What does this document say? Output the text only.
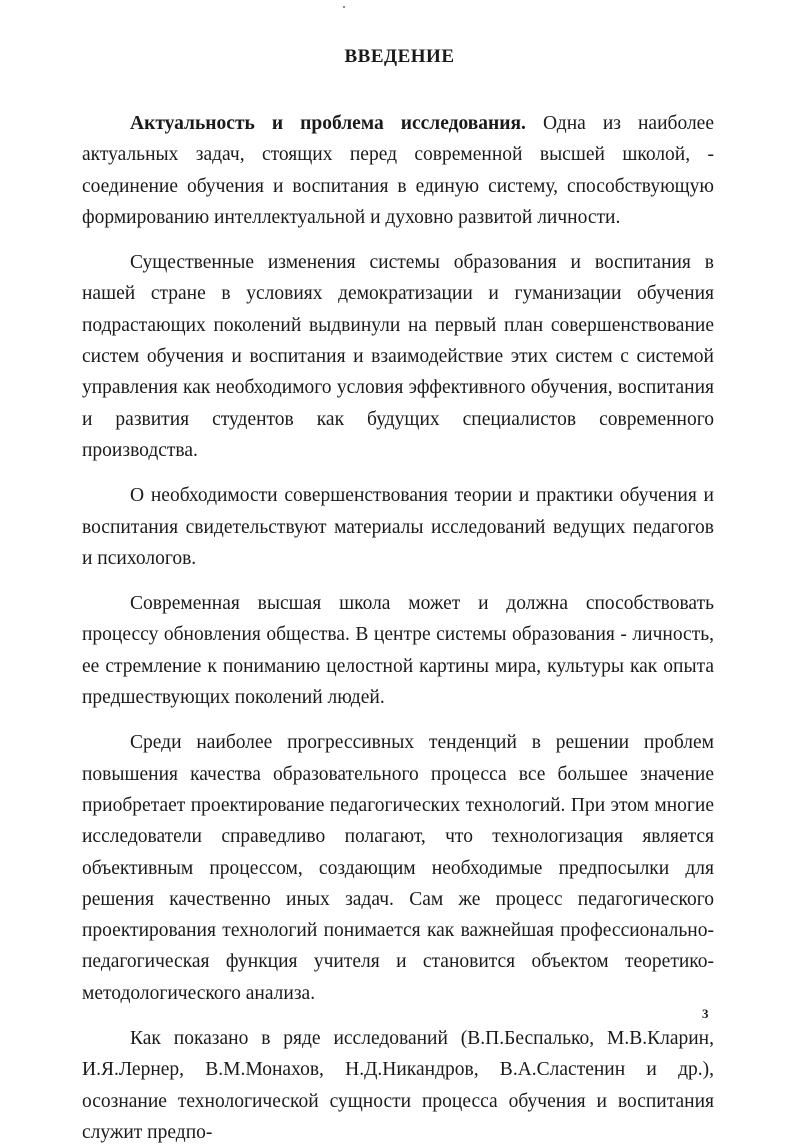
ВВЕДЕНИЕ

Актуальность и проблема исследования. Одна из наиболее актуальных задач, стоящих перед современной высшей школой, - соединение обучения и воспитания в единую систему, способствующую формированию интеллектуальной и духовно развитой личности.

Существенные изменения системы образования и воспитания в нашей стране в условиях демократизации и гуманизации обучения подрастающих поколений выдвинули на первый план совершенствование систем обучения и воспитания и взаимодействие этих систем с системой управления как необходимого условия эффективного обучения, воспитания и развития студентов как будущих специалистов современного производства.

О необходимости совершенствования теории и практики обучения и воспитания свидетельствуют материалы исследований ведущих педагогов и психологов.

Современная высшая школа может и должна способствовать процессу обновления общества. В центре системы образования - личность, ее стремление к пониманию целостной картины мира, культуры как опыта предшествующих поколений людей.

Среди наиболее прогрессивных тенденций в решении проблем повышения качества образовательного процесса все большее значение приобретает проектирование педагогических технологий. При этом многие исследователи справедливо полагают, что технологизация является объективным процессом, создающим необходимые предпосылки для решения качественно иных задач. Сам же процесс педагогического проектирования технологий понимается как важнейшая профессионально-педагогическая функция учителя и становится объектом теоретико-методологического анализа.

Как показано в ряде исследований (В.П.Беспалько, М.В.Кларин, И.Я.Лернер, В.М.Монахов, Н.Д.Никандров, В.А.Сластенин и др.), осознание технологической сущности процесса обучения и воспитания служит предпо-

3
